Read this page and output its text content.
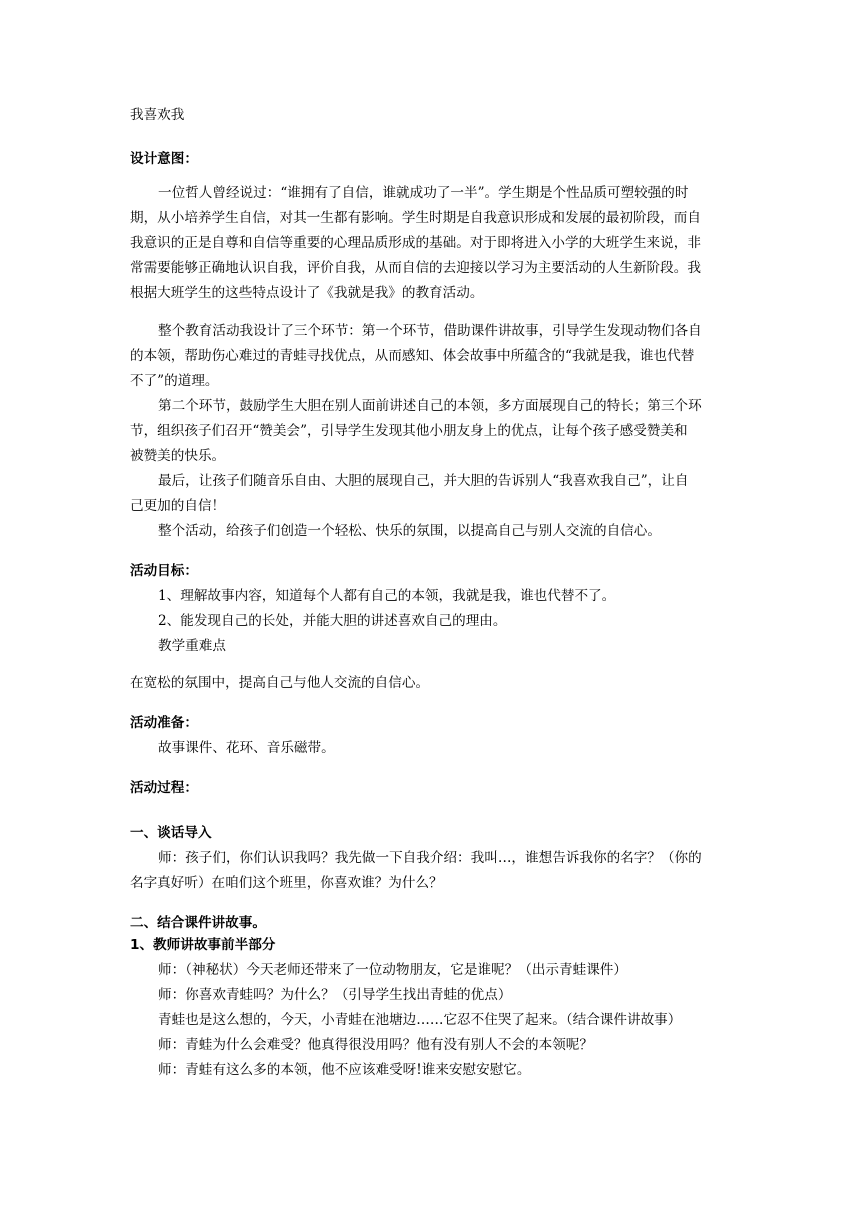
我喜欢我

设计意图：

一位哲人曾经说过：“谁拥有了自信，谁就成功了一半”。学生期是个性品质可塑较强的时

期，从小培养学生自信，对其一生都有影响。学生时期是自我意识形成和发展的最初阶段，而自

我意识的正是自尊和自信等重要的心理品质形成的基础。对于即将进入小学的大班学生来说，非

常需要能够正确地认识自我，评价自我，从而自信的去迎接以学习为主要活动的人生新阶段。我

根据大班学生的这些特点设计了《我就是我》的教育活动。

整个教育活动我设计了三个环节：第一个环节，借助课件讲故事，引导学生发现动物们各自

的本领，帮助伤心难过的青蛙寻找优点，从而感知、体会故事中所蕴含的“我就是我，谁也代替

不了”的道理。

第二个环节，鼓励学生大胆在别人面前讲述自己的本领，多方面展现自己的特长；第三个环

节，组织孩子们召开“赞美会”，引导学生发现其他小朋友身上的优点，让每个孩子感受赞美和

被赞美的快乐。

最后，让孩子们随音乐自由、大胆的展现自己，并大胆的告诉别人“我喜欢我自己”，让自

己更加的自信！

整个活动，给孩子们创造一个轻松、快乐的氛围，以提高自己与别人交流的自信心。

活动目标：

1、理解故事内容，知道每个人都有自己的本领，我就是我，谁也代替不了。

2、能发现自己的长处，并能大胆的讲述喜欢自己的理由。

教学重难点

在宽松的氛围中，提高自己与他人交流的自信心。

活动准备：

故事课件、花环、音乐磁带。

活动过程：

一、谈话导入

师：孩子们，你们认识我吗？我先做一下自我介绍：我叫…，谁想告诉我你的名字？（你的

名字真好听）在咱们这个班里，你喜欢谁？为什么？

二、结合课件讲故事。

1、教师讲故事前半部分

师：（神秘状）今天老师还带来了一位动物朋友，它是谁呢？（出示青蛙课件）

师：你喜欢青蛙吗？为什么？（引导学生找出青蛙的优点）

青蛙也是这么想的，今天，小青蛙在池塘边……它忍不住哭了起来。（结合课件讲故事）

师：青蛙为什么会难受？他真得很没用吗？他有没有别人不会的本领呢？

师：青蛙有这么多的本领，他不应该难受呀!谁来安慰安慰它。
